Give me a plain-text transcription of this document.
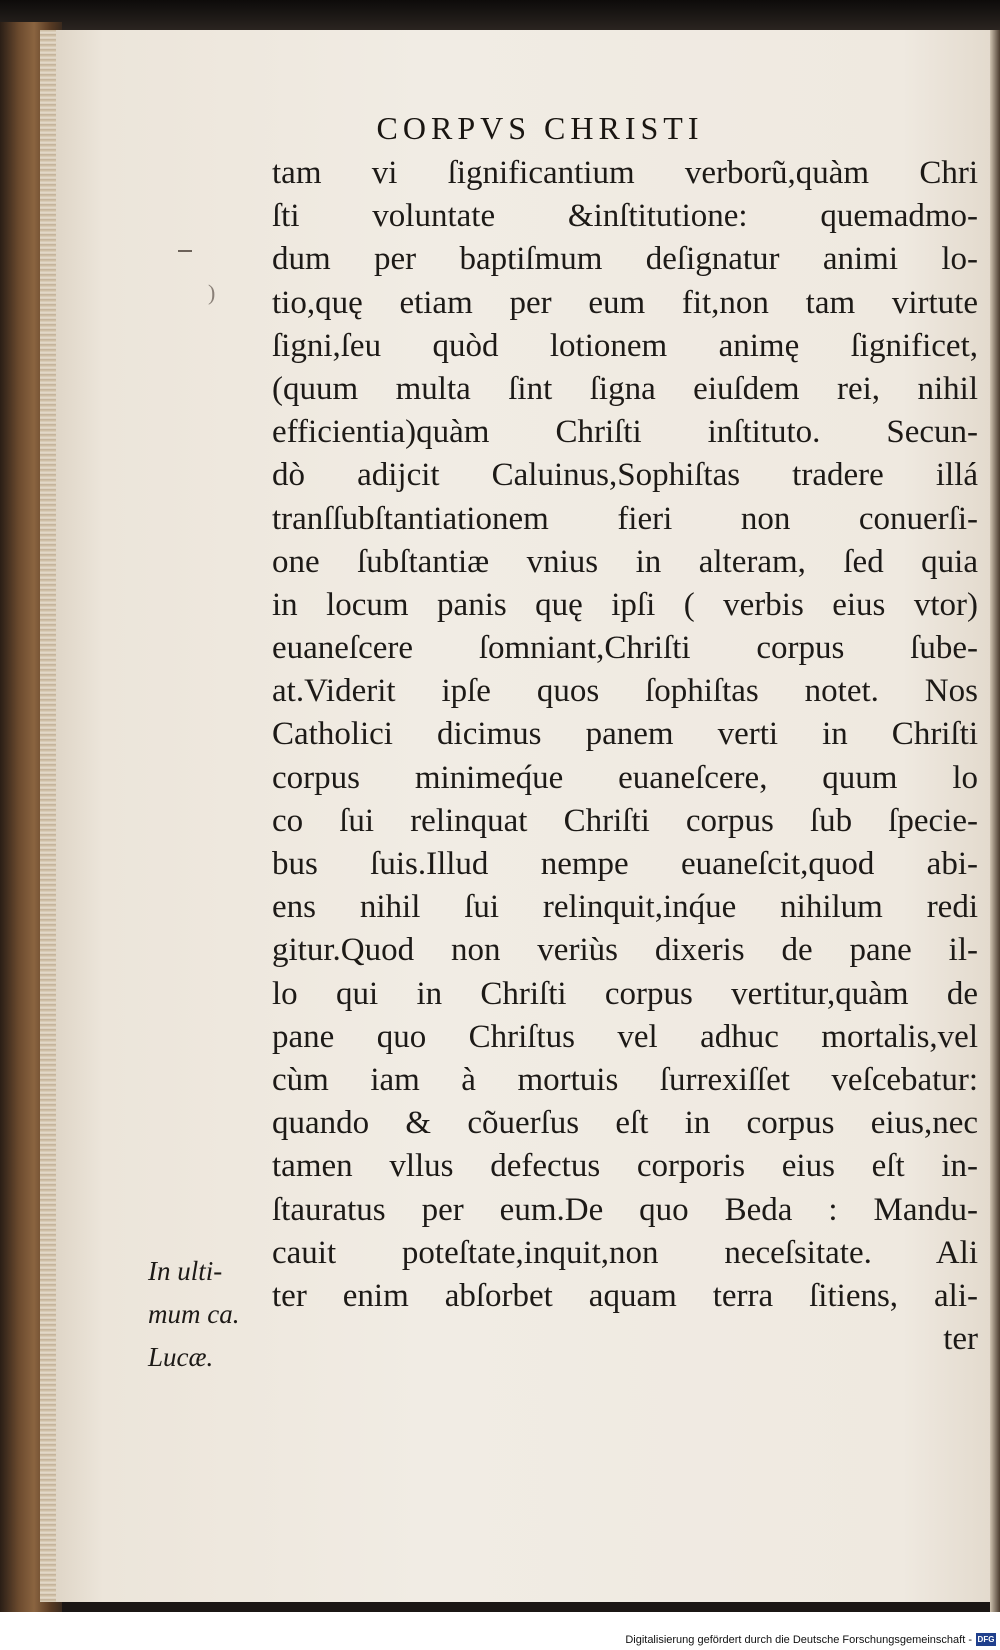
)
CORPVS CHRISTI
tam vi ſignificantium verborũ,quàm Chri
ſti voluntate &inſtitutione: quemadmo-
dum per baptiſmum deſignatur animi lo-
tio,quę etiam per eum fit,non tam virtute
ſigni,ſeu quòd lotionem animę ſignificet,
(quum multa ſint ſigna eiuſdem rei, nihil
efficientia)quàm Chriſti inſtituto. Secun-
dò adijcit Caluinus,Sophiſtas tradere illá
tranſſubſtantiationem fieri non conuerſi-
one ſubſtantiæ vnius in alteram, ſed quia
in locum panis quę ipſi ( verbis eius vtor)
euaneſcere ſomniant,Chriſti corpus ſube-
at.Viderit ipſe quos ſophiſtas notet. Nos
Catholici dicimus panem verti in Chriſti
corpus minimeq́ue euaneſcere, quum lo
co ſui relinquat Chriſti corpus ſub ſpecie-
bus ſuis.Illud nempe euaneſcit,quod abi-
ens nihil ſui relinquit,inq́ue nihilum redi
gitur.Quod non veriùs dixeris de pane il-
lo qui in Chriſti corpus vertitur,quàm de
pane quo Chriſtus vel adhuc mortalis,vel
cùm iam à mortuis ſurrexiſſet veſcebatur:
quando & cõuerſus eſt in corpus eius,nec
tamen vllus defectus corporis eius eſt in-
ſtauratus per eum.De quo Beda : Mandu-
cauit poteſtate,inquit,non neceſsitate. Ali
ter enim abſorbet aquam terra ſitiens, ali-
ter
In ulti-
mum ca.
Lucæ.
Digitalisierung gefördert durch die Deutsche Forschungsgemeinschaft - DFG
